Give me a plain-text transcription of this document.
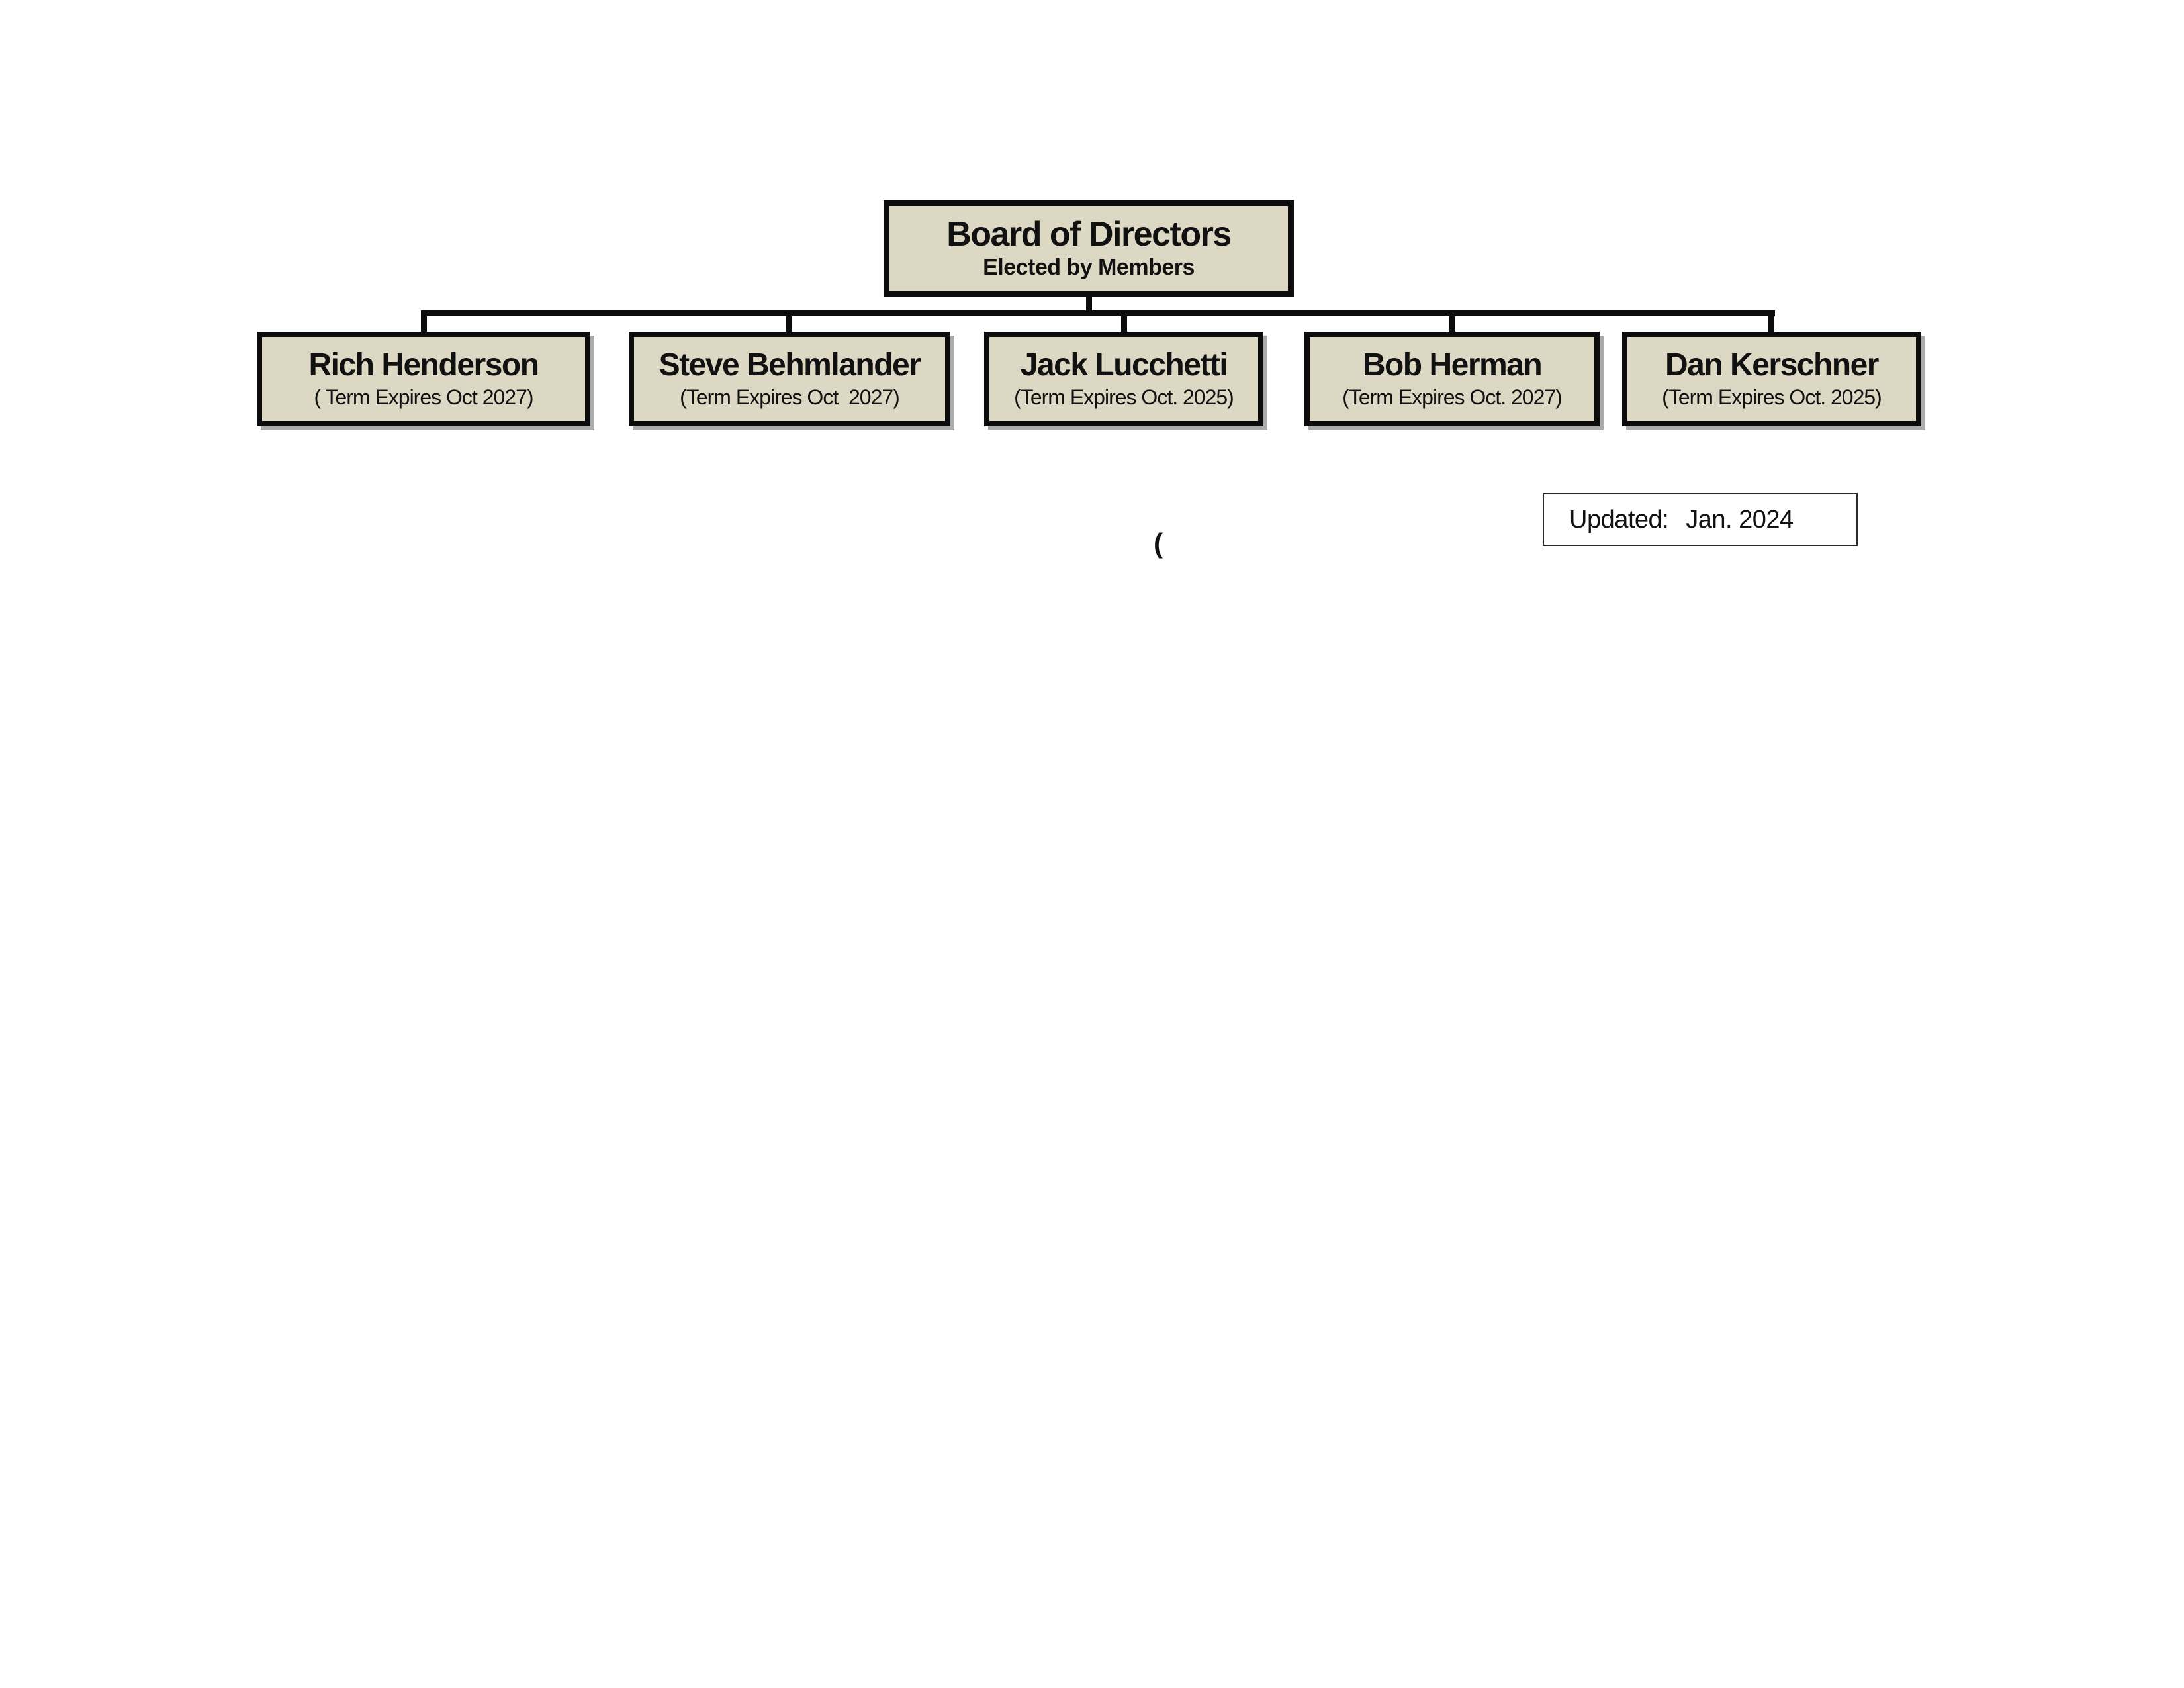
Board of Directors
Elected by Members
Rich Henderson
( Term Expires Oct 2027)
Steve Behmlander
(Term Expires Oct  2027)
Jack Lucchetti
(Term Expires Oct. 2025)
Bob Herman
(Term Expires Oct. 2027)
Dan Kerschner
(Term Expires Oct. 2025)
(
Updated: Jan. 2024
